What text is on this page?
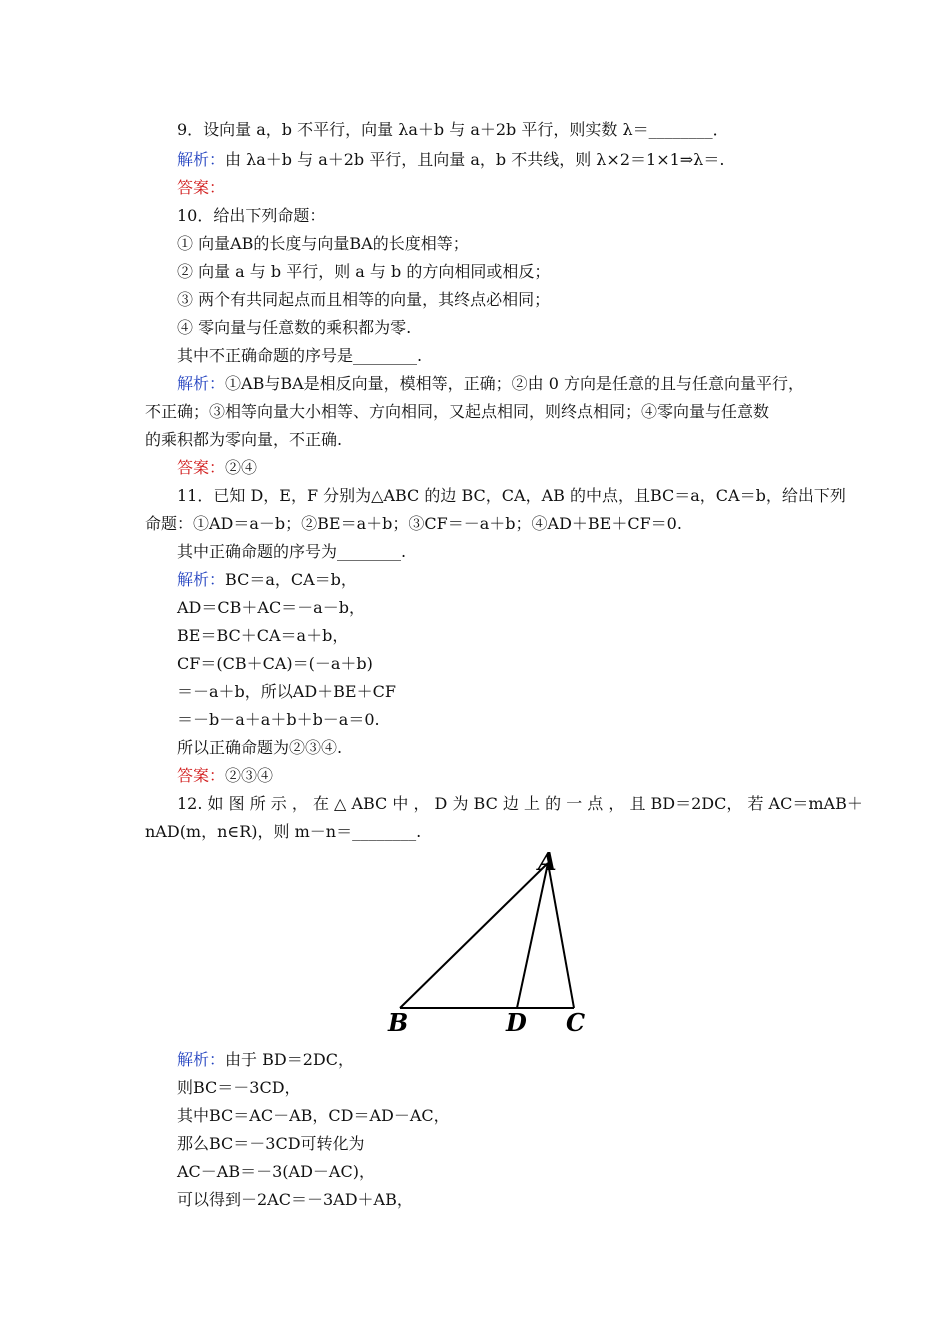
9．设向量 a，b 不平行，向量 λa＋b 与 a＋2b 平行，则实数 λ＝________．
解析：由 λa＋b 与 a＋2b 平行，且向量 a，b 不共线，则 λ×2＝1×1⇒λ＝.
答案：
10．给出下列命题：
① 向量AB的长度与向量BA的长度相等；
② 向量 a 与 b 平行，则 a 与 b 的方向相同或相反；
③ 两个有共同起点而且相等的向量，其终点必相同；
④ 零向量与任意数的乘积都为零.
其中不正确命题的序号是________.
解析：①AB与BA是相反向量，模相等，正确；②由 0 方向是任意的且与任意向量平行，
不正确；③相等向量大小相等、方向相同，又起点相同，则终点相同；④零向量与任意数
的乘积都为零向量，不正确.
答案：②④
11．已知 D，E，F 分别为△ABC 的边 BC，CA，AB 的中点，且BC＝a，CA＝b，给出下列
命题：①AD＝a－b；②BE＝a＋b；③CF＝－a＋b；④AD＋BE＋CF＝0.
其中正确命题的序号为________.
解析：BC＝a，CA＝b，
AD＝CB＋AC＝－a－b，
BE＝BC＋CA＝a＋b，
CF＝(CB＋CA)＝(－a＋b)
＝－a＋b，所以AD＋BE＋CF
＝－b－a＋a＋b＋b－a＝0.
所以正确命题为②③④.
答案：②③④
12. 如 图 所 示 ， 在 △ ABC 中 ， D 为 BC 边 上 的 一 点 ， 且 BD＝2DC， 若 AC＝mAB＋
nAD(m，n∈R)，则 m－n＝________.
解析：由于 BD＝2DC，
则BC＝－3CD，
其中BC＝AC－AB，CD＝AD－AC，
那么BC＝－3CD可转化为
AC－AB＝－3(AD－AC)，
可以得到－2AC＝－3AD＋AB，
A
B	D C
